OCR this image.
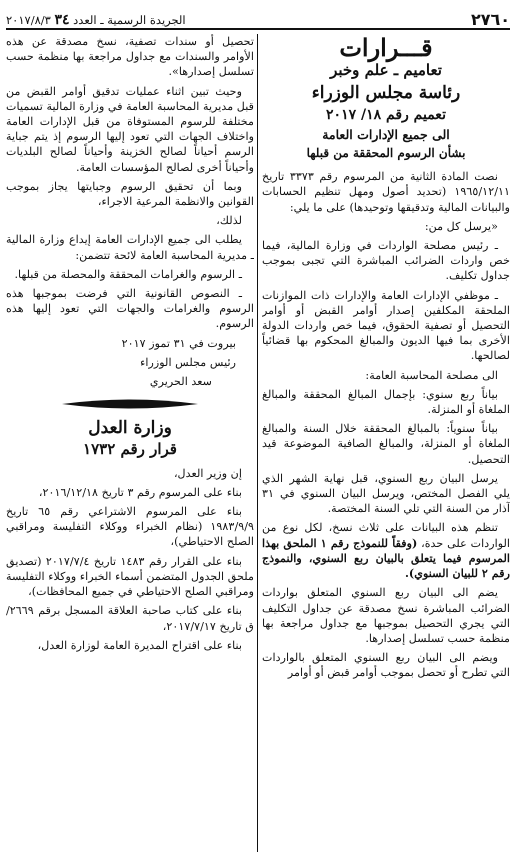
٢٧٦٠
الجريدة الرسمية ـ العدد ٣٤ ٢٠١٧/٨/٣
قـــرارات
تعاميم ـ علم وخبر
رئاسة مجلس الوزراء
تعميم رقم ١٨/ ٢٠١٧
الى جميع الإدارات العامة
بشأن الرسوم المحققة من قبلها

نصت المادة الثانية من المرسوم رقم ٣٣٧٣ تاريخ ١٩٦٥/١٢/١١ (تحديد أصول ومهل تنظيم الحسابات والبيانات المالية وتدقيقها وتوحيدها) على ما يلي:

«يرسل كل من:

ـ رئيس مصلحة الواردات في وزارة المالية، فيما خص واردات الضرائب المباشرة التي تجبى بموجب جداول تكليف.

ـ موظفي الإدارات العامة والإدارات ذات الموازنات الملحقة المكلفين إصدار أوامر القبض أو أوامر التحصيل أو تصفية الحقوق، فيما خص واردات الدولة الأخرى بما فيها الديون والمبالغ المحكوم بها قضائياً لصالحها.

الى مصلحة المحاسبة العامة:

بياناً ربع سنوي: بإجمال المبالغ المحققة والمبالغ الملغاة أو المنزلة.

بياناً سنوياً: بالمبالغ المحققة خلال السنة والمبالغ الملغاة أو المنزلة، والمبالغ الصافية الموضوعة قيد التحصيل.

يرسل البيان ربع السنوي، قبل نهاية الشهر الذي يلي الفصل المختص، ويرسل البيان السنوي في ٣١ آذار من السنة التي تلي السنة المختصة.

تنظم هذه البيانات على ثلاث نسخ، لكل نوع من الواردات على حدة، (وفقاً للنموذج رقم ١ الملحق بهذا المرسوم فيما يتعلق بالبيان ربع السنوي، والنموذج رقم ٢ للبيان السنوي).

يضم الى البيان ربع السنوي المتعلق بواردات الضرائب المباشرة نسخ مصدقة عن جداول التكليف التي يجري التحصيل بموجبها مع جداول مراجعة بها منظمة حسب تسلسل إصدارها.

ويضم الى البيان ربع السنوي المتعلق بالواردات التي تطرح أو تحصل بموجب أوامر قبض أو أوامر

تحصيل أو سندات تصفية، نسخ مصدقة عن هذه الأوامر والسندات مع جداول مراجعة بها منظمة حسب تسلسل إصدارها».

وحيث تبين اثناء عمليات تدقيق أوامر القبض من قبل مديرية المحاسبة العامة في وزارة المالية تسميات مختلفة للرسوم المستوفاة من قبل الإدارات العامة واختلاف الجهات التي تعود إليها الرسوم إذ يتم جباية الرسم أحياناً لصالح الخزينة وأحياناً لصالح البلديات وأحياناً أخرى لصالح المؤسسات العامة.

وبما أن تحقيق الرسوم وجبايتها يجاز بموجب القوانين والانظمة المرعية الاجراء،

لذلك،

يطلب الى جميع الإدارات العامة إيداع وزارة المالية ـ مديرية المحاسبة العامة لائحة تتضمن:

ـ الرسوم والغرامات المحققة والمحصلة من قبلها.

ـ النصوص القانونية التي فرضت بموجبها هذه الرسوم والغرامات والجهات التي تعود إليها هذه الرسوم.

بيروت في ٣١ تموز ٢٠١٧
رئيس مجلس الوزراء
سعد الحريري
وزارة العدل
قرار رقم ١٧٣٢

إن وزير العدل،

بناء على المرسوم رقم ٣ تاريخ ٢٠١٦/١٢/١٨،

بناء على المرسوم الاشتراعي رقم ٦٥ تاريخ ١٩٨٣/٩/٩ (نظام الخبراء ووكلاء التفليسة ومراقبي الصلح الاحتياطي)،

بناء على القرار رقم ١٤٨٣ تاريخ ٢٠١٧/٧/٤ (تصديق ملحق الجدول المتضمن أسماء الخبراء ووكلاء التفليسة ومراقبي الصلح الاحتياطي في جميع المحافظات)،

بناء على كتاب صاحبة العلاقة المسجل برقم ٢٦٦٩/ق تاريخ ٢٠١٧/٧/١٧،

بناء على اقتراح المديرة العامة لوزارة العدل،
